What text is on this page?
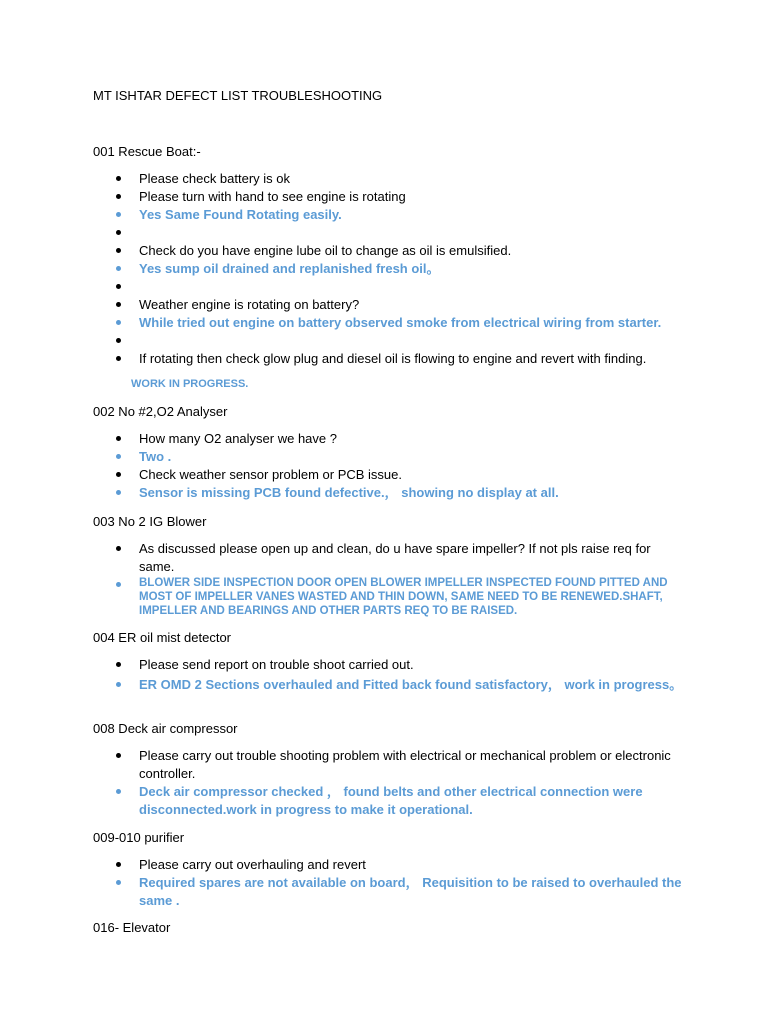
MT ISHTAR DEFECT LIST TROUBLESHOOTING
001 Rescue Boat:-
Please check battery is ok
Please turn with hand to see engine is rotating
Yes Same Found Rotating easily.
Check do you have engine lube oil to change as oil is emulsified.
Yes sump oil drained and replanished fresh oil。
Weather engine is rotating on battery?
While tried out engine on battery observed smoke from electrical wiring from starter.
If rotating then check glow plug and diesel oil is flowing to engine and revert with finding.
WORK IN PROGRESS.
002 No #2,O2 Analyser
How many O2 analyser we have ?
Two .
Check weather sensor problem or PCB issue.
Sensor is missing PCB found defective.， showing no display at all.
003 No 2 IG Blower
As discussed please open up and clean, do u have spare impeller? If not pls raise req for same.
BLOWER SIDE INSPECTION DOOR OPEN BLOWER IMPELLER INSPECTED FOUND PITTED AND MOST OF IMPELLER VANES WASTED AND THIN DOWN, SAME NEED TO BE RENEWED.SHAFT, IMPELLER AND BEARINGS AND OTHER PARTS REQ TO BE RAISED.
004 ER oil mist detector
Please send report on trouble shoot carried out.
ER OMD 2 Sections overhauled and Fitted back found satisfactory， work in progress。
008 Deck air compressor
Please carry out trouble shooting problem with electrical or mechanical problem or electronic controller.
Deck air compressor checked ， found belts and other electrical connection were disconnected.work in progress to make it operational.
009-010 purifier
Please carry out overhauling and revert
Required spares are not available on board， Requisition to be raised to overhauled the same .
016- Elevator
